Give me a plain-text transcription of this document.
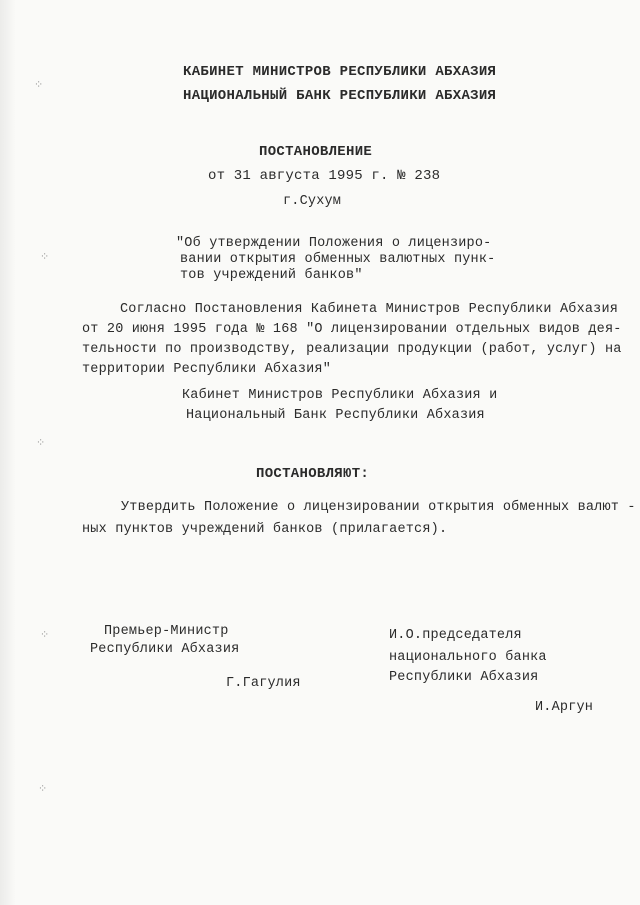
⁘
⁘
⁘
⁘
⁘
КАБИНЕТ МИНИСТРОВ РЕСПУБЛИКИ АБХАЗИЯ
НАЦИОНАЛЬНЫЙ БАНК РЕСПУБЛИКИ АБХАЗИЯ
ПОСТАНОВЛЕНИЕ
от 31 августа 1995 г. № 238
г.Сухум
"Об утверждении Положения о лицензиро-
вании открытия обменных валютных пунк-
тов учреждений банков"
Согласно Постановления Кабинета Министров Республики Абхазия
от 20 июня 1995 года № 168 "О лицензировании отдельных видов дея-
тельности по производству, реализации продукции (работ, услуг) на
территории Республики Абхазия"
Кабинет Министров Республики Абхазия и
Национальный Банк Республики Абхазия
ПОСТАНОВЛЯЮТ:
Утвердить Положение о лицензировании открытия обменных валют -
ных пунктов учреждений банков (прилагается).
Премьер-Министр
Республики Абхазия
Г.Гагулия
И.О.председателя
национального банка
Республики Абхазия
И.Аргун
